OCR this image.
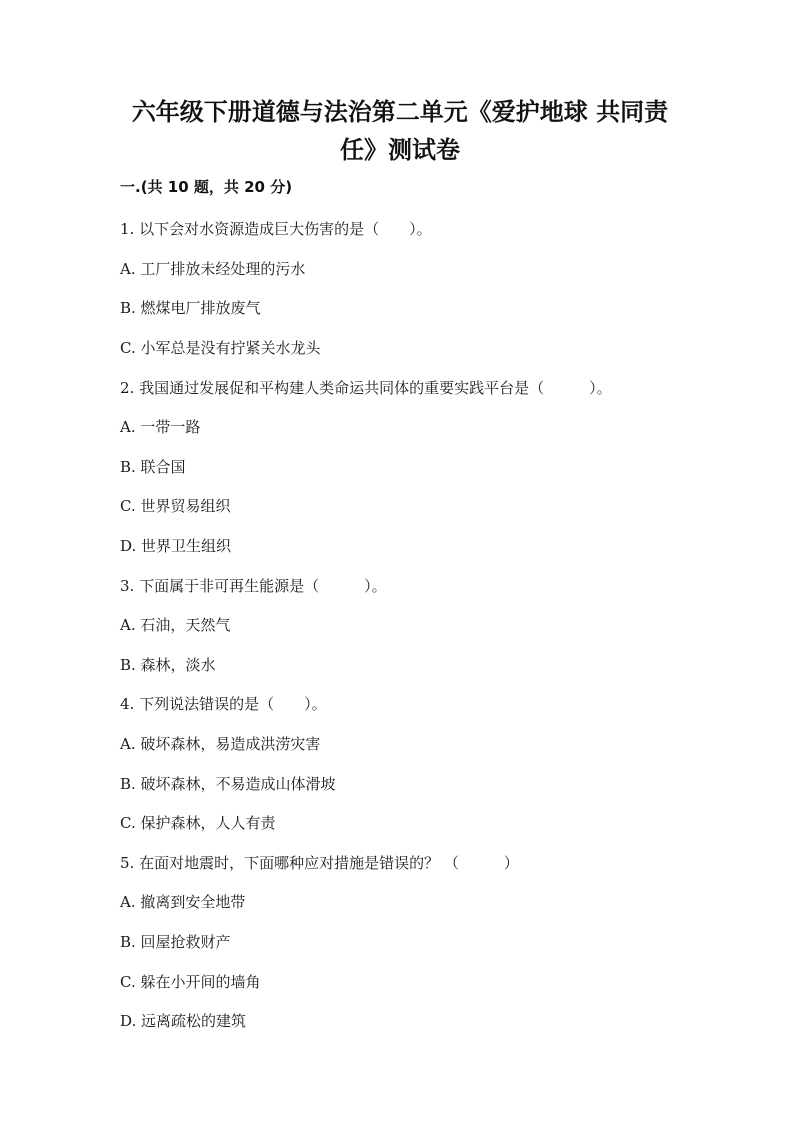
六年级下册道德与法治第二单元《爱护地球 共同责
任》测试卷
一.(共 10 题，共 20 分)
1. 以下会对水资源造成巨大伤害的是（　　）。
A. 工厂排放未经处理的污水
B. 燃煤电厂排放废气
C. 小军总是没有拧紧关水龙头
2. 我国通过发展促和平构建人类命运共同体的重要实践平台是（　　　）。
A. 一带一路
B. 联合国
C. 世界贸易组织
D. 世界卫生组织
3. 下面属于非可再生能源是（　　　）。
A. 石油，天然气
B. 森林，淡水
4. 下列说法错误的是（　　）。
A. 破坏森林，易造成洪涝灾害
B. 破坏森林，不易造成山体滑坡
C. 保护森林，人人有责
5. 在面对地震时，下面哪种应对措施是错误的？ （　　　）
A. 撤离到安全地带
B. 回屋抢救财产
C. 躲在小开间的墙角
D. 远离疏松的建筑
